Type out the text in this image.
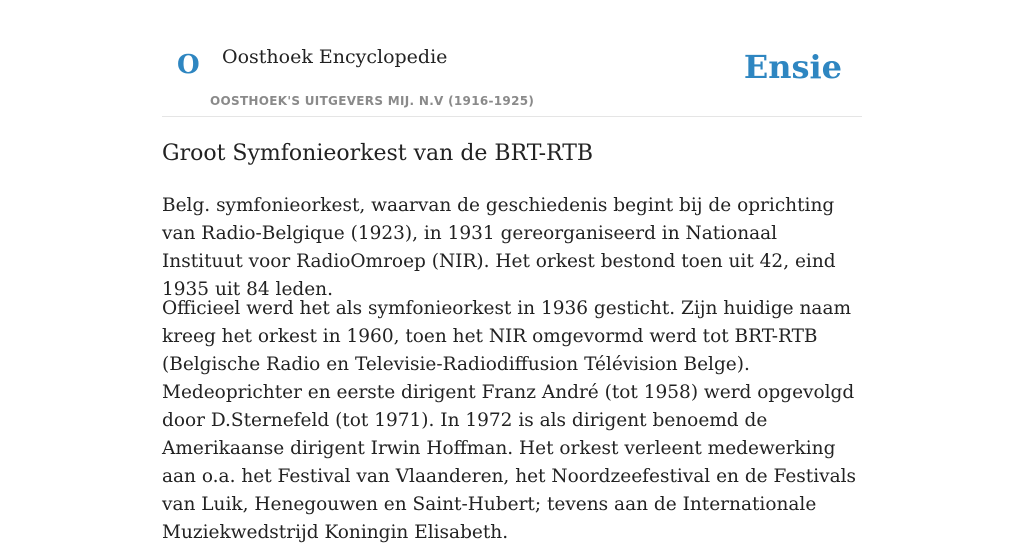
O Oosthoek Encyclopedie
OOSTHOEK'S UITGEVERS MIJ. N.V (1916-1925)
Ensie
Groot Symfonieorkest van de BRT-RTB

Belg. symfonieorkest, waarvan de geschiedenis begint bij de oprichting van Radio-Belgique (1923), in 1931 gereorganiseerd in Nationaal Instituut voor RadioOmroep (NIR). Het orkest bestond toen uit 42, eind 1935 uit 84 leden.

Officieel werd het als symfonieorkest in 1936 gesticht. Zijn huidige naam kreeg het orkest in 1960, toen het NIR omgevormd werd tot BRT-RTB (Belgische Radio en Televisie-Radiodiffusion Télévision Belge). Medeoprichter en eerste dirigent Franz André (tot 1958) werd opgevolgd door D.Sternefeld (tot 1971). In 1972 is als dirigent benoemd de Amerikaanse dirigent Irwin Hoffman. Het orkest verleent medewerking aan o.a. het Festival van Vlaanderen, het Noordzeefestival en de Festivals van Luik, Henegouwen en Saint-Hubert; tevens aan de Internationale Muziekwedstrijd Koningin Elisabeth.
